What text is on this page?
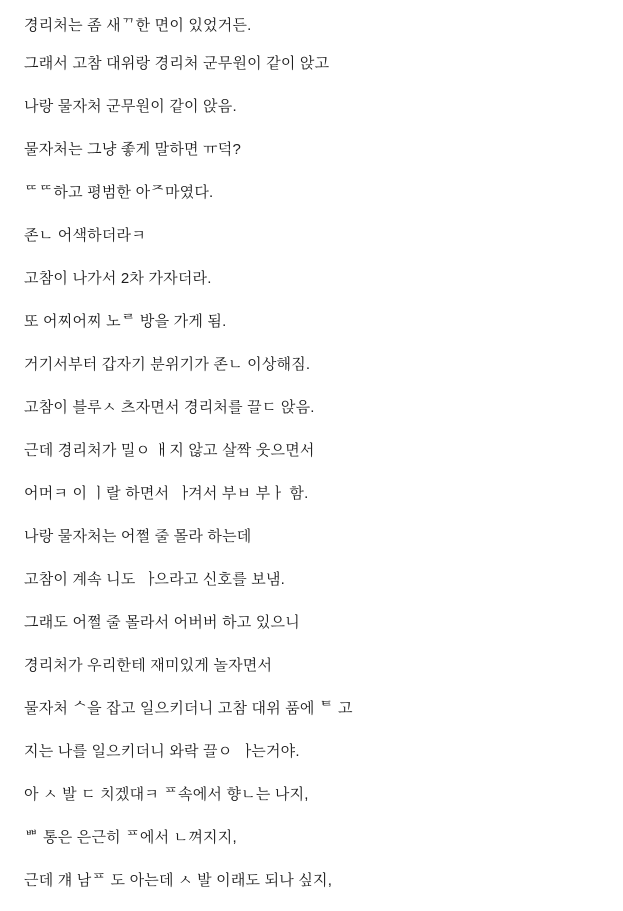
경리처는 좀 새ᄁ한 면이 있었거든.
그래서 고참 대위랑 경리처 군무원이 같이 앉고
나랑 물자처 군무원이 같이 앉음.
물자처는 그냥 좋게 말하면 ㅠ덕?
ᄄᄄ하고 평범한 아ᄌ마였다.
존ㄴ 어색하더라ㅋ
고참이 나가서 2차 가자더라.
또 어찌어찌 노ᄅ 방을 가게 됨.
거기서부터 갑자기 분위기가 존ㄴ 이상해짐.
고참이 블루ㅅ 츠자면서 경리처를 끌ㄷ 앉음.
근데 경리처가 밀ㅇ ㅐ지 않고 살짝 웃으면서
어머ㅋ 이 ㅣ랄 하면서 ᅟᅡ겨서 부ㅂ 부ㅏ 함.
나랑 물자처는 어쩔 줄 몰라 하는데
고참이 계속 니도 ᅟᅡ으라고 신호를 보냄.
그래도 어쩔 줄 몰라서 어버버 하고 있으니
경리처가 우리한테 재미있게 놀자면서
물자처 ᄉ을 잡고 일으키더니 고참 대위 품에 ᄐ 고
지는 나를 일으키더니 와락 끌ㅇ ᅟᅡ는거야.
아 ㅅ 발 ㄷ 치겠대ㅋ ᄑ속에서 향ㄴ는 나지,
ᄈ 통은 은근히 ᄑ에서 ㄴ껴지지,
근데 걔 남ᄑ 도 아는데 ㅅ 발 이래도 되나 싶지,
